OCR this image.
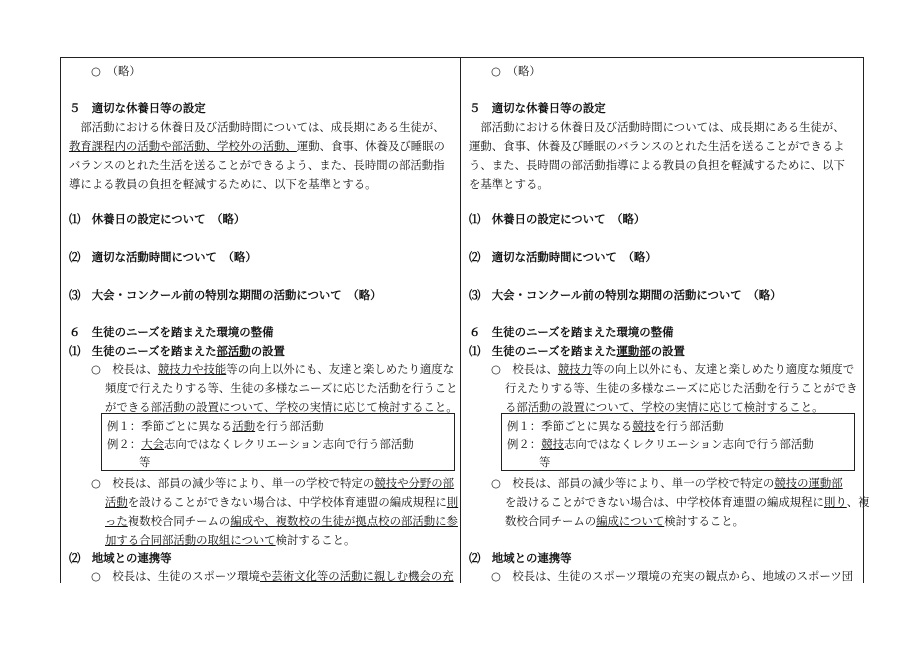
○　（略）
５　適切な休養日等の設定
　部活動における休養日及び活動時間については、成長期にある生徒が、
教育課程内の活動や部活動、学校外の活動、運動、食事、休養及び睡眠の
バランスのとれた生活を送ることができるよう、また、長時間の部活動指
導による教員の負担を軽減するために、以下を基準とする。
⑴　休養日の設定について　（略）
⑵　適切な活動時間について　（略）
⑶　大会・コンクール前の特別な期間の活動について　（略）
６　生徒のニーズを踏まえた環境の整備
⑴　生徒のニーズを踏まえた部活動の設置
○　校長は、競技力や技能等の向上以外にも、友達と楽しめたり適度な
頻度で行えたりする等、生徒の多様なニーズに応じた活動を行うこと
ができる部活動の設置について、学校の実情に応じて検討すること。
例１：季節ごとに異なる活動を行う部活動
例２：大会志向ではなくレクリエーション志向で行う部活動
等
○　校長は、部員の減少等により、単一の学校で特定の競技や分野の部
活動を設けることができない場合は、中学校体育連盟の編成規程に則
った複数校合同チームの編成や、複数校の生徒が拠点校の部活動に参
加する合同部活動の取組について検討すること。
⑵　地域との連携等
○　校長は、生徒のスポーツ環境や芸術文化等の活動に親しむ機会の充
○　（略）
５　適切な休養日等の設定
　部活動における休養日及び活動時間については、成長期にある生徒が、
運動、食事、休養及び睡眠のバランスのとれた生活を送ることができるよ
う、また、長時間の部活動指導による教員の負担を軽減するために、以下
を基準とする。
⑴　休養日の設定について　（略）
⑵　適切な活動時間について　（略）
⑶　大会・コンクール前の特別な期間の活動について　（略）
６　生徒のニーズを踏まえた環境の整備
⑴　生徒のニーズを踏まえた運動部の設置
○　校長は、競技力等の向上以外にも、友達と楽しめたり適度な頻度で
行えたりする等、生徒の多様なニーズに応じた活動を行うことができ
る部活動の設置について、学校の実情に応じて検討すること。
例１：季節ごとに異なる競技を行う部活動
例２：競技志向ではなくレクリエーション志向で行う部活動
等
○　校長は、部員の減少等により、単一の学校で特定の競技の運動部
を設けることができない場合は、中学校体育連盟の編成規程に則り、複
数校合同チームの編成について検討すること。
⑵　地域との連携等
○　校長は、生徒のスポーツ環境の充実の観点から、地域のスポーツ団
